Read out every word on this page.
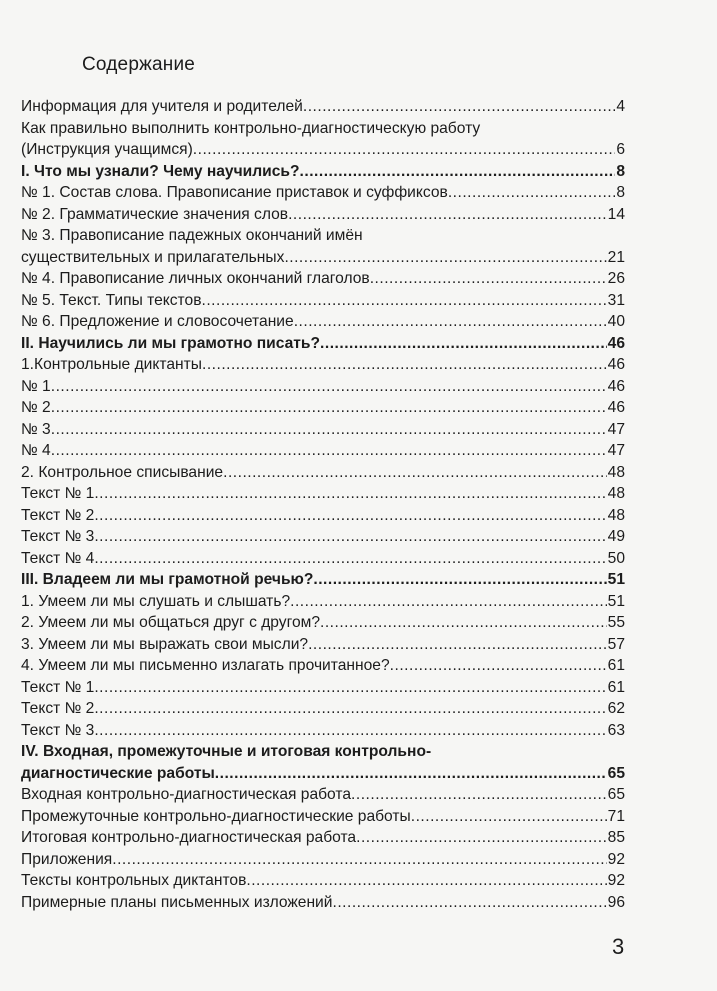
Содержание
Информация для учителя и родителей .....	4
Как правильно выполнить контрольно-диагностическую работу
(Инструкция учащимся) .....	6
I. Что мы узнали? Чему научились? .....	8
№ 1. Состав слова. Правописание приставок и суффиксов .....	8
№ 2. Грамматические значения слов .....	14
№ 3. Правописание падежных окончаний имён
существительных и прилагательных .....	21
№ 4. Правописание личных окончаний глаголов .....	26
№ 5. Текст. Типы текстов .....	31
№ 6. Предложение и словосочетание .....	40
II. Научились ли мы грамотно писать? .....	46
1.Контрольные диктанты .....	46
№ 1 .....	46
№ 2 .....	46
№ 3 .....	47
№ 4 .....	47
2. Контрольное списывание .....	48
Текст № 1 .....	48
Текст № 2 .....	48
Текст № 3 .....	49
Текст № 4 .....	50
III. Владеем ли мы грамотной речью? .....	51
1. Умеем ли мы слушать и слышать? .....	51
2. Умеем ли мы общаться друг с другом? .....	55
3. Умеем ли мы выражать свои мысли? .....	57
4. Умеем ли мы письменно излагать прочитанное? .....	61
Текст № 1 .....	61
Текст № 2 .....	62
Текст № 3 .....	63
IV. Входная, промежуточные и итоговая контрольно-
диагностические работы .....	65
Входная контрольно-диагностическая работа .....	65
Промежуточные контрольно-диагностические работы .....	71
Итоговая контрольно-диагностическая работа .....	85
Приложения .....	92
Тексты контрольных диктантов .....	92
Примерные планы письменных изложений .....	96
3
